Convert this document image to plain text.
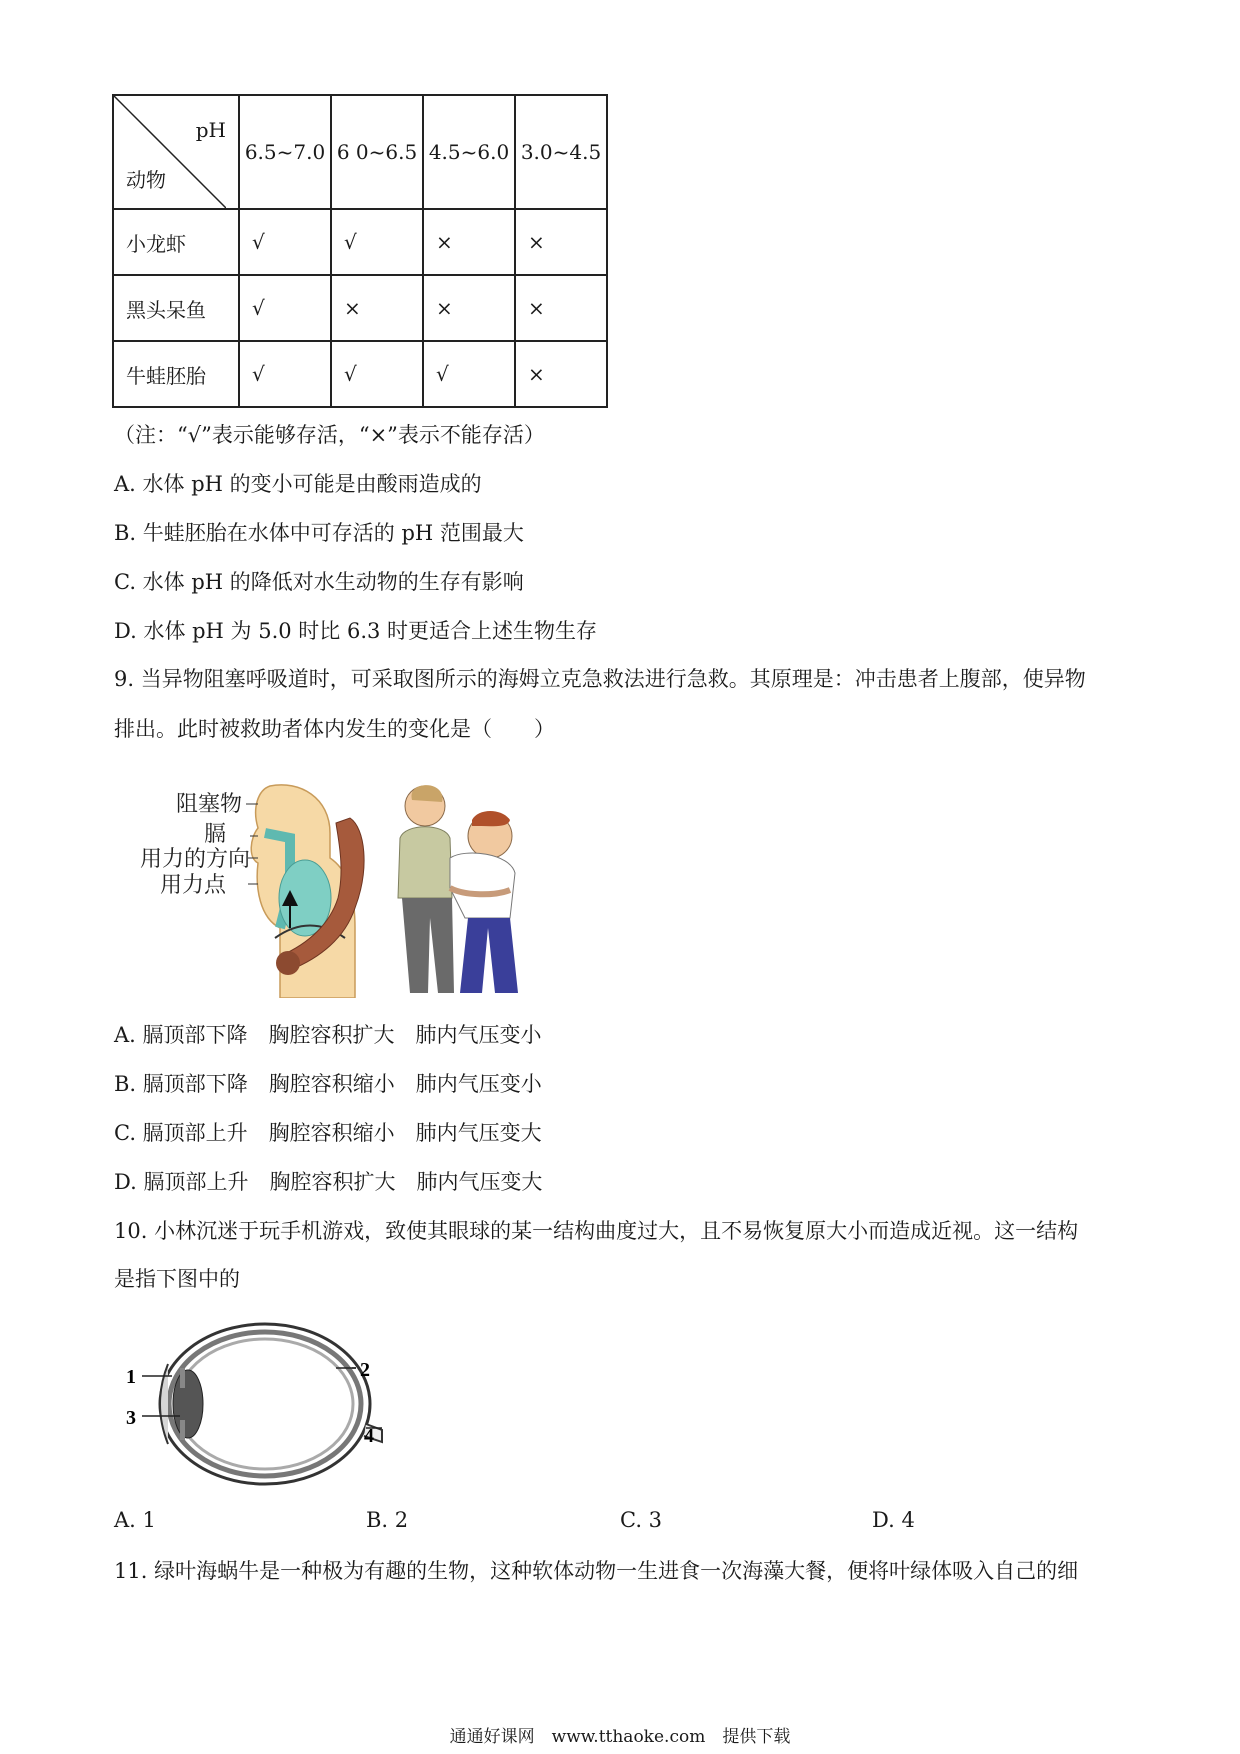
pH
动物	6.5~7.0	6 0~6.5	4.5~6.0	3.0~4.5
小龙虾	√	√	×	×
黑头呆鱼	√	×	×	×
牛蛙胚胎	√	√	√	×
（注：“√”表示能够存活，“×”表示不能存活）
A. 水体 pH 的变小可能是由酸雨造成的
B. 牛蛙胚胎在水体中可存活的 pH 范围最大
C. 水体 pH 的降低对水生动物的生存有影响
D. 水体 pH 为 5.0 时比 6.3 时更适合上述生物生存
9. 当异物阻塞呼吸道时，可采取图所示的海姆立克急救法进行急救。其原理是：冲击患者上腹部，使异物
排出。此时被救助者体内发生的变化是（　　）
阻塞物
膈
用力的方向
用力点
A. 膈顶部下降　胸腔容积扩大　肺内气压变小
B. 膈顶部下降　胸腔容积缩小　肺内气压变小
C. 膈顶部上升　胸腔容积缩小　肺内气压变大
D. 膈顶部上升　胸腔容积扩大　肺内气压变大
10. 小林沉迷于玩手机游戏，致使其眼球的某一结构曲度过大，且不易恢复原大小而造成近视。这一结构
是指下图中的
1	2
3
4
A. 1	B. 2	C. 3	D. 4
11. 绿叶海蜗牛是一种极为有趣的生物，这种软体动物一生进食一次海藻大餐，便将叶绿体吸入自己的细
通通好课网　www.tthaoke.com　提供下载
